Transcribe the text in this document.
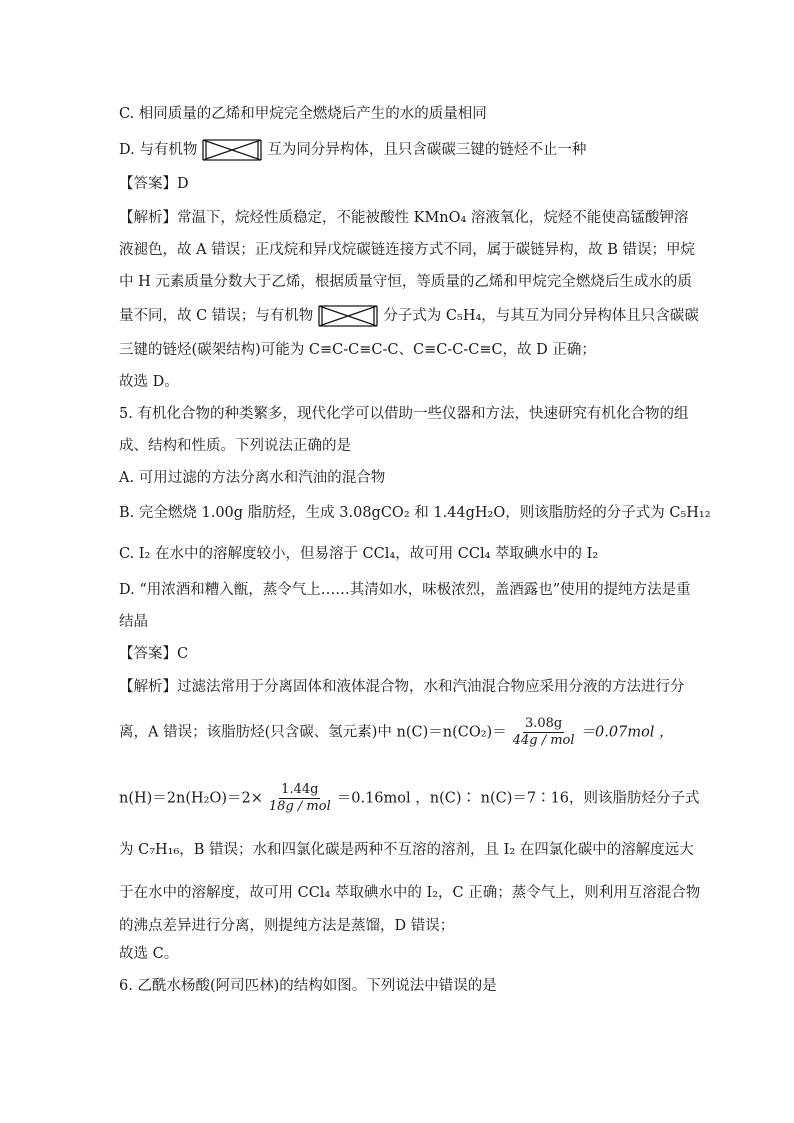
C. 相同质量的乙烯和甲烷完全燃烧后产生的水的质量相同
D. 与有机物	互为同分异构体，且只含碳碳三键的链烃不止一种
【答案】D
【解析】常温下，烷烃性质稳定，不能被酸性 KMnO₄ 溶液氧化，烷烃不能使高锰酸钾溶
液褪色，故 A 错误；正戊烷和异戊烷碳链连接方式不同，属于碳链异构，故 B 错误；甲烷
中 H 元素质量分数大于乙烯，根据质量守恒，等质量的乙烯和甲烷完全燃烧后生成水的质
量不同，故 C 错误；与有机物	分子式为 C₅H₄，与其互为同分异构体且只含碳碳
三键的链烃(碳架结构)可能为 C≡C-C≡C-C、C≡C-C-C≡C，故 D 正确；
故选 D。
5. 有机化合物的种类繁多，现代化学可以借助一些仪器和方法，快速研究有机化合物的组
成、结构和性质。下列说法正确的是
A. 可用过滤的方法分离水和汽油的混合物
B. 完全燃烧 1.00g 脂肪烃，生成 3.08gCO₂ 和 1.44gH₂O，则该脂肪烃的分子式为 C₅H₁₂
C. I₂ 在水中的溶解度较小，但易溶于 CCl₄，故可用 CCl₄ 萃取碘水中的 I₂
D. “用浓酒和糟入甑，蒸令气上……其清如水，味极浓烈，盖酒露也”使用的提纯方法是重
结晶
【答案】C
【解析】过滤法常用于分离固体和液体混合物，水和汽油混合物应采用分液的方法进行分
离，A 错误；该脂肪烃(只含碳、氢元素)中 $n(C)=n(CO_2)= \frac{3.08g}{\text{44g / mol}} =0.07mol$ ，
$n(H)=2n(H_2O)=2\times \frac{1.44g}{\text{18g / mol}} =0.16mol$ ，n(C)∶ n(C)＝7∶16，则该脂肪烃分子式
为 C₇H₁₆，B 错误；水和四氯化碳是两种不互溶的溶剂，且 I₂ 在四氯化碳中的溶解度远大
于在水中的溶解度，故可用 CCl₄ 萃取碘水中的 I₂，C 正确；蒸令气上，则利用互溶混合物
的沸点差异进行分离，则提纯方法是蒸馏，D 错误；
故选 C。
6. 乙酰水杨酸(阿司匹林)的结构如图。下列说法中错误的是
